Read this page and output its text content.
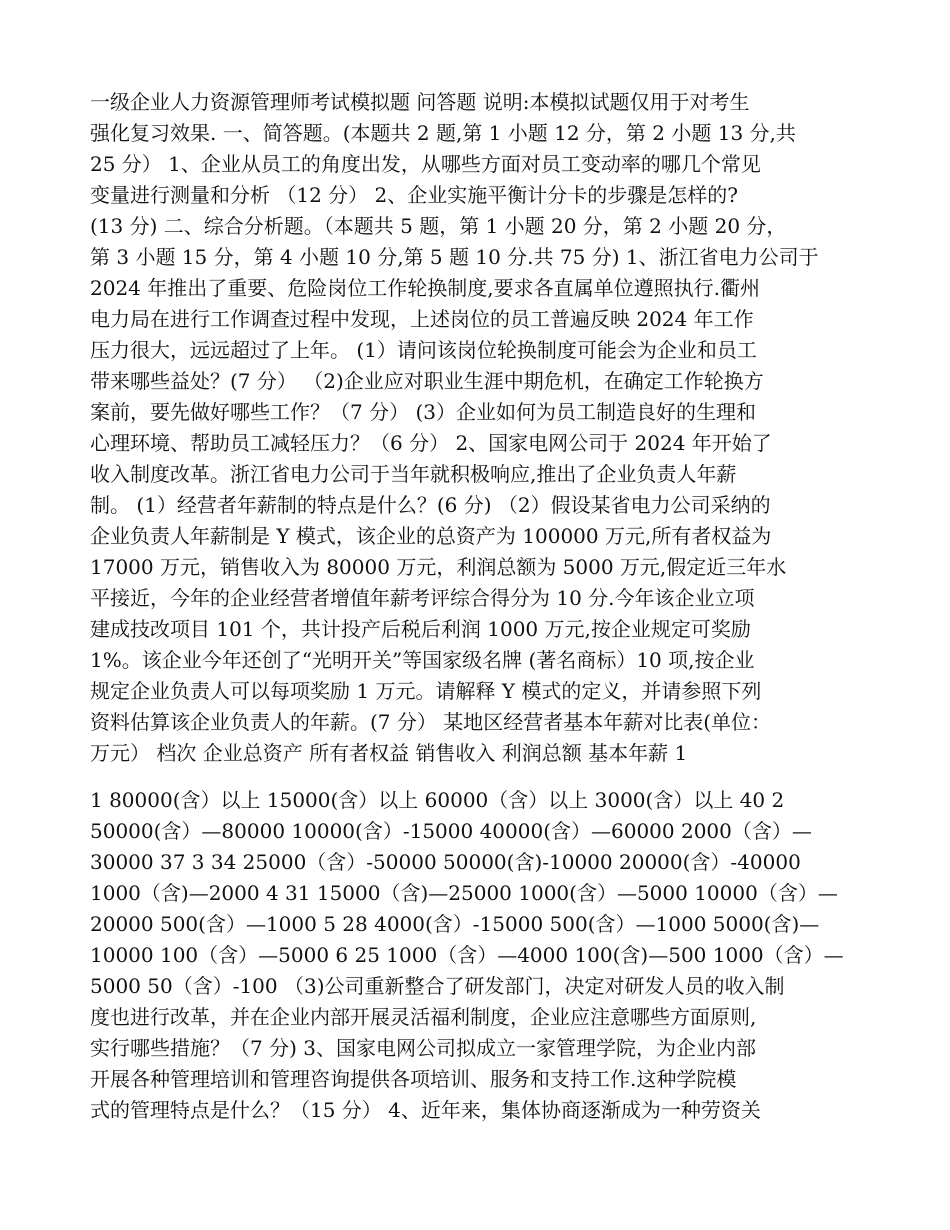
一级企业人力资源管理师考试模拟题 问答题 说明:本模拟试题仅用于对考生
强化复习效果. 一、简答题。(本题共 2 题,第 1 小题 12 分，第 2 小题 13 分,共
25 分） 1、企业从员工的角度出发，从哪些方面对员工变动率的哪几个常见
变量进行测量和分析 （12 分） 2、企业实施平衡计分卡的步骤是怎样的?
(13 分) 二、综合分析题。（本题共 5 题，第 1 小题 20 分，第 2 小题 20 分，
第 3 小题 15 分，第 4 小题 10 分,第 5 题 10 分.共 75 分) 1、浙江省电力公司于
2024 年推出了重要、危险岗位工作轮换制度,要求各直属单位遵照执行.衢州
电力局在进行工作调查过程中发现，上述岗位的员工普遍反映 2024 年工作
压力很大，远远超过了上年。 (1）请问该岗位轮换制度可能会为企业和员工
带来哪些益处？(7 分） （2)企业应对职业生涯中期危机，在确定工作轮换方
案前，要先做好哪些工作？（7 分） (3）企业如何为员工制造良好的生理和
心理环境、帮助员工减轻压力？（6 分） 2、国家电网公司于 2024 年开始了
收入制度改革。浙江省电力公司于当年就积极响应,推出了企业负责人年薪
制。 (1）经营者年薪制的特点是什么？(6 分) （2）假设某省电力公司采纳的
企业负责人年薪制是 Y 模式，该企业的总资产为 100000 万元,所有者权益为
17000 万元，销售收入为 80000 万元，利润总额为 5000 万元,假定近三年水
平接近，今年的企业经营者增值年薪考评综合得分为 10 分.今年该企业立项
建成技改项目 101 个，共计投产后税后利润 1000 万元,按企业规定可奖励
1%。该企业今年还创了“光明开关”等国家级名牌 (著名商标）10 项,按企业
规定企业负责人可以每项奖励 1 万元。请解释 Y 模式的定义，并请参照下列
资料估算该企业负责人的年薪。(7 分） 某地区经营者基本年薪对比表(单位：
万元） 档次 企业总资产 所有者权益 销售收入 利润总额 基本年薪 1
1 80000(含）以上 15000(含）以上 60000（含）以上 3000(含）以上 40 2
50000(含）—80000 10000(含）-15000 40000(含）—60000 2000（含）—
30000 37 3 34 25000（含）-50000 50000(含)-10000 20000(含）-40000
1000（含)—2000 4 31 15000（含)—25000 1000(含）—5000 10000（含）—
20000 500(含）—1000 5 28 4000(含）-15000 500(含）—1000 5000(含)—
10000 100（含）—5000 6 25 1000（含）—4000 100(含)—500 1000（含）—
5000 50（含）-100 （3)公司重新整合了研发部门，决定对研发人员的收入制
度也进行改革，并在企业内部开展灵活福利制度，企业应注意哪些方面原则,
实行哪些措施？（7 分) 3、国家电网公司拟成立一家管理学院，为企业内部
开展各种管理培训和管理咨询提供各项培训、服务和支持工作.这种学院模
式的管理特点是什么？（15 分） 4、近年来，集体协商逐渐成为一种劳资关
